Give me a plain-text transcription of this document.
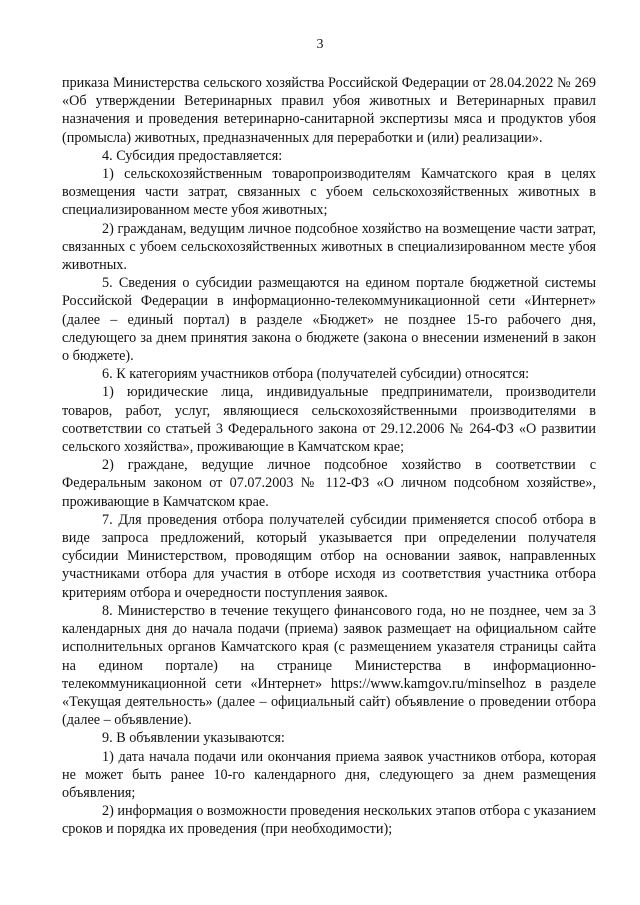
3

приказа Министерства сельского хозяйства Российской Федерации от 28.04.2022 № 269 «Об утверждении Ветеринарных правил убоя животных и Ветеринарных правил назначения и проведения ветеринарно-санитарной экспертизы мяса и продуктов убоя (промысла) животных, предназначенных для переработки и (или) реализации».

4. Субсидия предоставляется:

1) сельскохозяйственным товаропроизводителям Камчатского края в целях возмещения части затрат, связанных с убоем сельскохозяйственных животных в специализированном месте убоя животных;

2) гражданам, ведущим личное подсобное хозяйство на возмещение части затрат, связанных с убоем сельскохозяйственных животных в специализированном месте убоя животных.

5. Сведения о субсидии размещаются на едином портале бюджетной системы Российской Федерации в информационно-телекоммуникационной сети «Интернет» (далее – единый портал) в разделе «Бюджет» не позднее 15-го рабочего дня, следующего за днем принятия закона о бюджете (закона о внесении изменений в закон о бюджете).

6. К категориям участников отбора (получателей субсидии) относятся:

1) юридические лица, индивидуальные предприниматели, производители товаров, работ, услуг, являющиеся сельскохозяйственными производителями в соответствии со статьей 3 Федерального закона от 29.12.2006 № 264-ФЗ «О развитии сельского хозяйства», проживающие в Камчатском крае;

2) граждане, ведущие личное подсобное хозяйство в соответствии с Федеральным законом от 07.07.2003 № 112-ФЗ «О личном подсобном хозяйстве», проживающие в Камчатском крае.

7. Для проведения отбора получателей субсидии применяется способ отбора в виде запроса предложений, который указывается при определении получателя субсидии Министерством, проводящим отбор на основании заявок, направленных участниками отбора для участия в отборе исходя из соответствия участника отбора критериям отбора и очередности поступления заявок.

8. Министерство в течение текущего финансового года, но не позднее, чем за 3 календарных дня до начала подачи (приема) заявок размещает на официальном сайте исполнительных органов Камчатского края (с размещением указателя страницы сайта на едином портале) на странице Министерства в информационно-телекоммуникационной сети «Интернет» https://www.kamgov.ru/minselhoz в разделе «Текущая деятельность» (далее – официальный сайт) объявление о проведении отбора (далее – объявление).

9. В объявлении указываются:

1) дата начала подачи или окончания приема заявок участников отбора, которая не может быть ранее 10-го календарного дня, следующего за днем размещения объявления;

2) информация о возможности проведения нескольких этапов отбора с указанием сроков и порядка их проведения (при необходимости);
